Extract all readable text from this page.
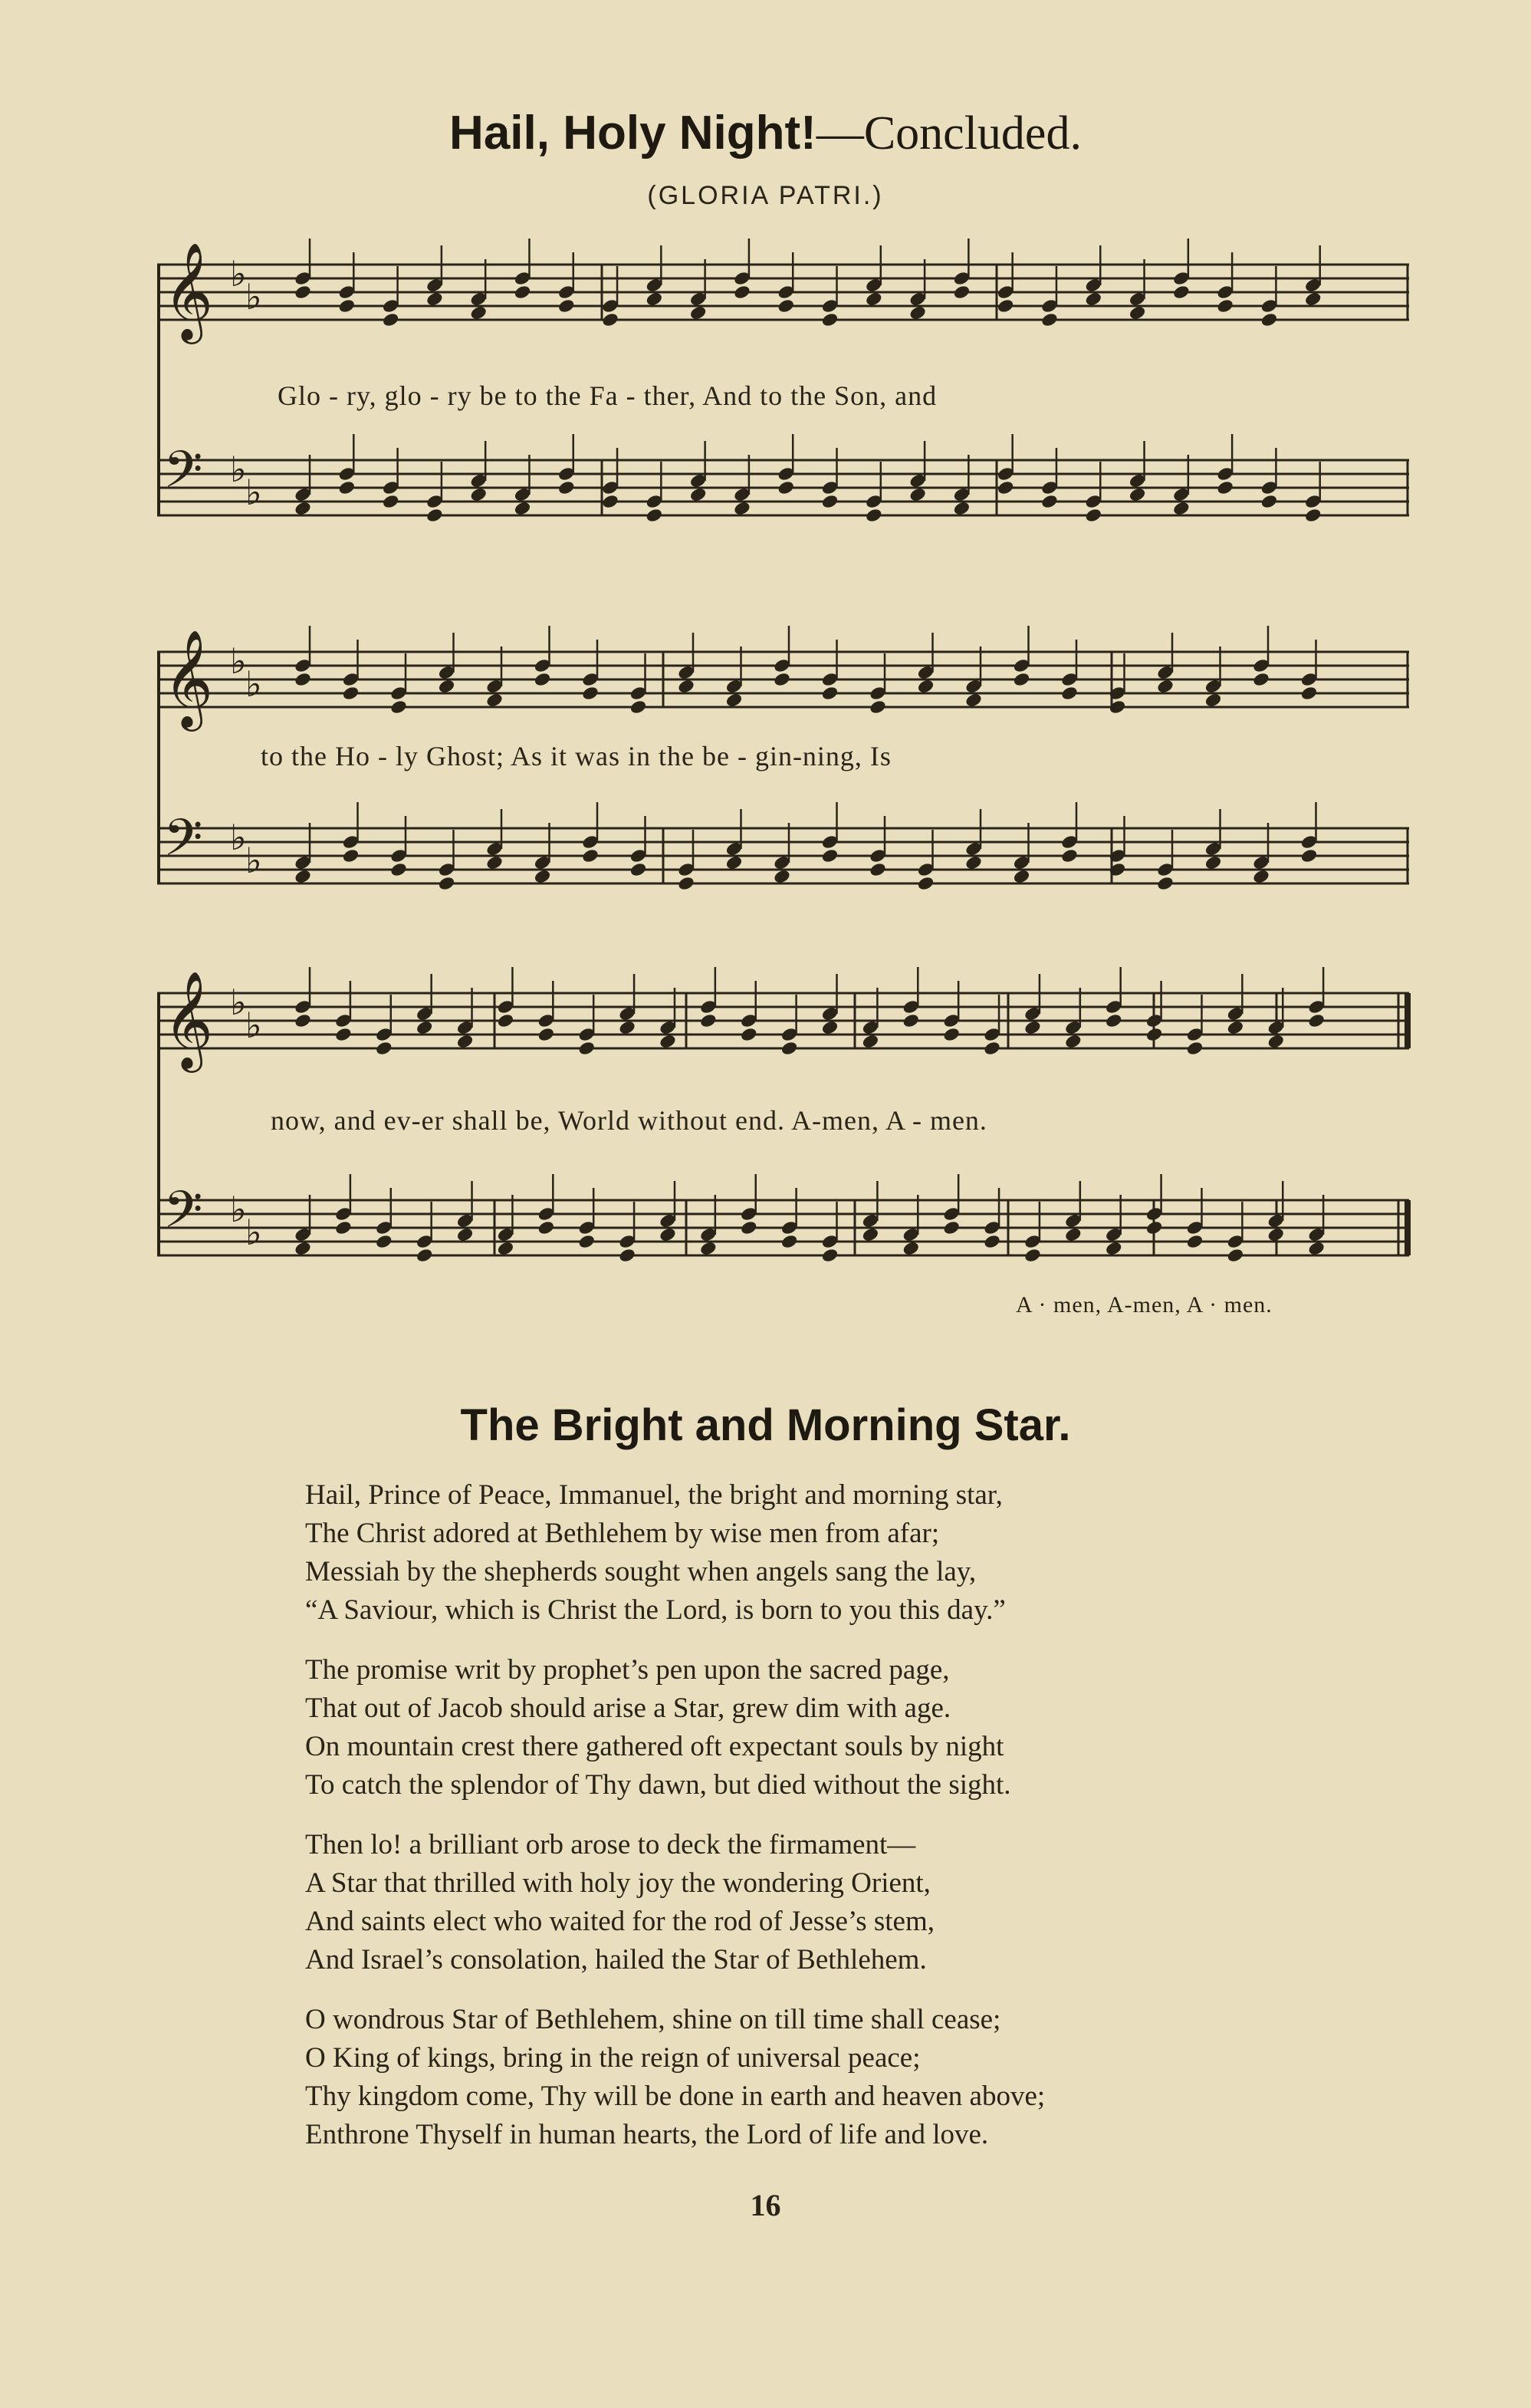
Hail, Holy Night!—Concluded.
(GLORIA PATRI.)
𝄞 ♭
♭
𝄢 ♭
♭
Glo - ry, glo - ry be to the Fa - ther, And to the Son, and
𝄞 ♭
♭
𝄢 ♭
♭
to the Ho - ly Ghost; As it was in the be - gin-ning, Is
𝄞 ♭
♭
𝄢 ♭
♭
now, and ev-er shall be, World without end. A-men, A - men.
A · men, A-men, A · men.
The Bright and Morning Star.
Hail, Prince of Peace, Immanuel, the bright and morning star,
The Christ adored at Bethlehem by wise men from afar;
Messiah by the shepherds sought when angels sang the lay,
“A Saviour, which is Christ the Lord, is born to you this day.”
The promise writ by prophet’s pen upon the sacred page,
That out of Jacob should arise a Star, grew dim with age.
On mountain crest there gathered oft expectant souls by night
To catch the splendor of Thy dawn, but died without the sight.
Then lo! a brilliant orb arose to deck the firmament—
A Star that thrilled with holy joy the wondering Orient,
And saints elect who waited for the rod of Jesse’s stem,
And Israel’s consolation, hailed the Star of Bethlehem.
O wondrous Star of Bethlehem, shine on till time shall cease;
O King of kings, bring in the reign of universal peace;
Thy kingdom come, Thy will be done in earth and heaven above;
Enthrone Thyself in human hearts, the Lord of life and love.
16
